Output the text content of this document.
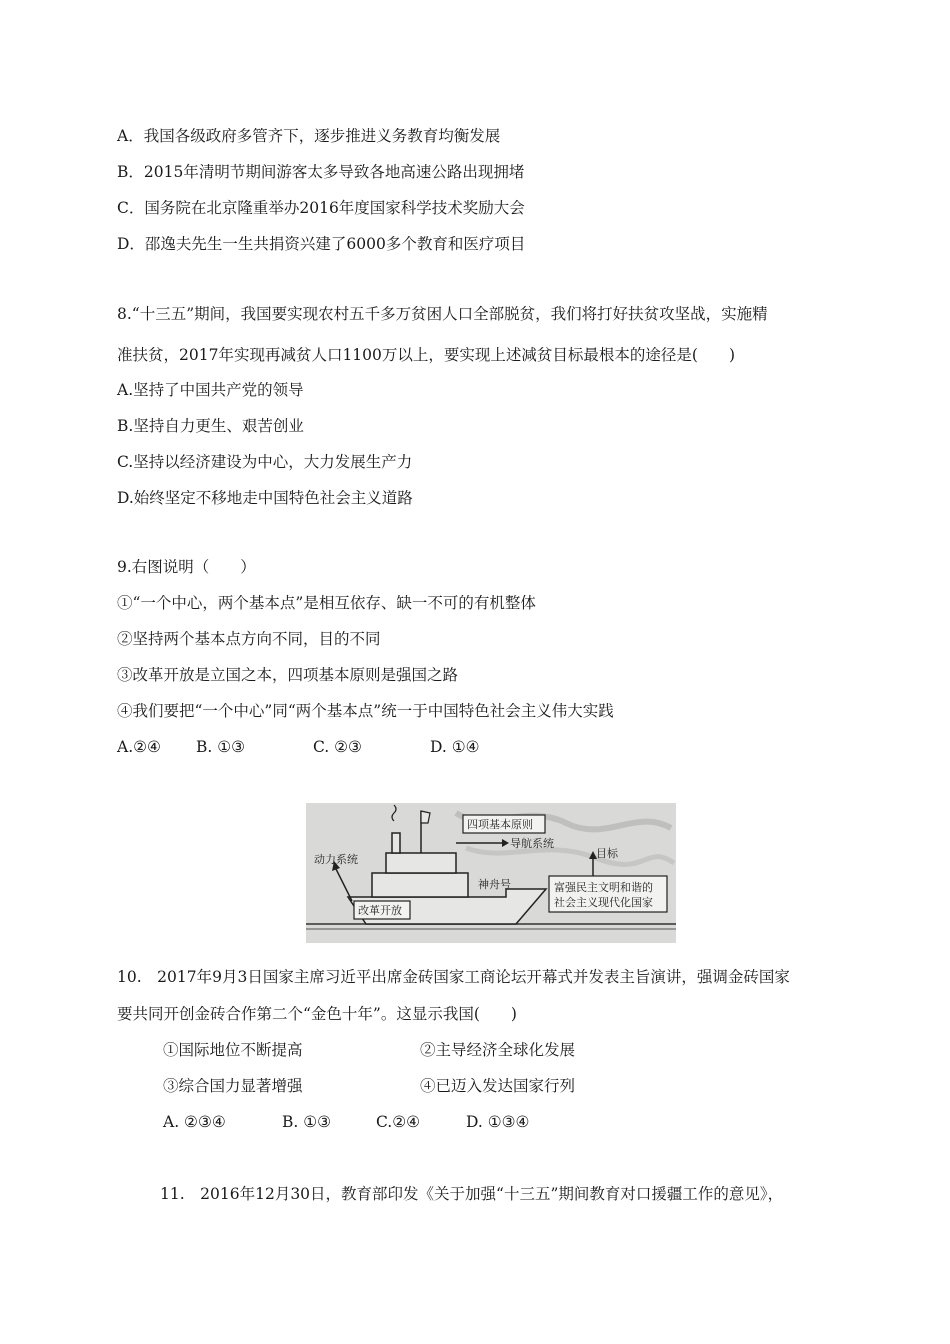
A．我国各级政府多管齐下，逐步推进义务教育均衡发展
B．2015年清明节期间游客太多导致各地高速公路出现拥堵
C．国务院在北京隆重举办2016年度国家科学技术奖励大会
D．邵逸夫先生一生共捐资兴建了6000多个教育和医疗项目
8.“十三五”期间，我国要实现农村五千多万贫困人口全部脱贫，我们将打好扶贫攻坚战，实施精
准扶贫，2017年实现再减贫人口1100万以上，要实现上述减贫目标最根本的途径是(　　)
A.坚持了中国共产党的领导
B.坚持自力更生、艰苦创业
C.坚持以经济建设为中心，大力发展生产力
D.始终坚定不移地走中国特色社会主义道路
9.右图说明（　　）
①“一个中心，两个基本点”是相互依存、缺一不可的有机整体
②坚持两个基本点方向不同，目的不同
③改革开放是立国之本，四项基本原则是强国之路
④我们要把“一个中心”同“两个基本点”统一于中国特色社会主义伟大实践
A.②④ B. ①③	C. ②③	D. ①④
四项基本原则
导航系统
目标
动力系统
神舟号
改革开放
富强民主文明和谐的
社会主义现代化国家
10.　2017年9月3日国家主席习近平出席金砖国家工商论坛开幕式并发表主旨演讲，强调金砖国家
要共同开创金砖合作第二个“金色十年”。这显示我国(　　)
①国际地位不断提高	②主导经济全球化发展
③综合国力显著增强	④已迈入发达国家行列
A. ②③④	B. ①③	C.②④	D. ①③④
11.　2016年12月30日，教育部印发《关于加强“十三五”期间教育对口援疆工作的意见》，
